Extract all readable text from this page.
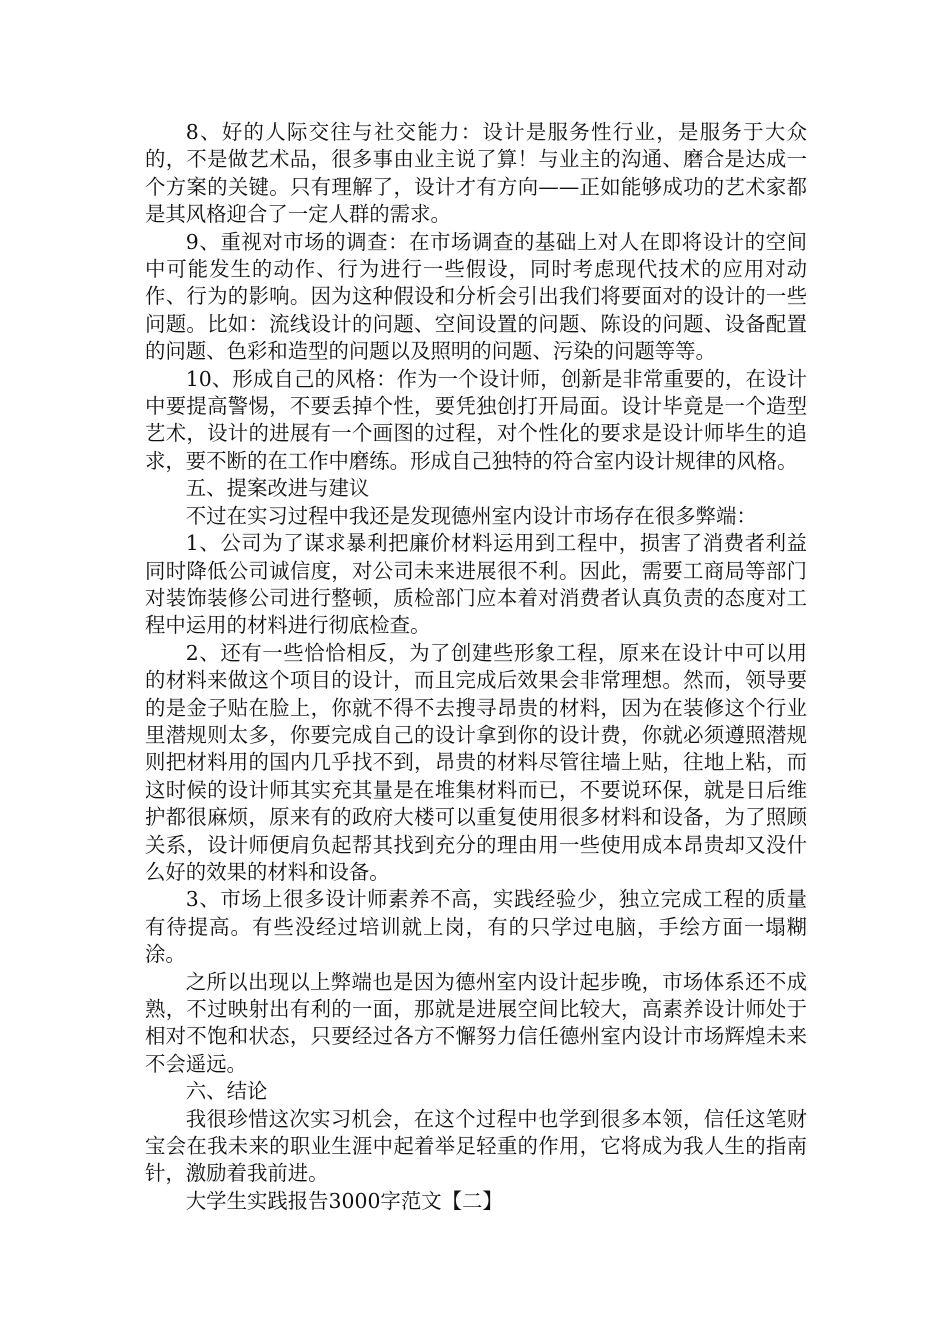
8、好的人际交往与社交能力：设计是服务性行业，是服务于大众的，不是做艺术品，很多事由业主说了算！与业主的沟通、磨合是达成一个方案的关键。只有理解了，设计才有方向——正如能够成功的艺术家都是其风格迎合了一定人群的需求。

9、重视对市场的调查：在市场调查的基础上对人在即将设计的空间中可能发生的动作、行为进行一些假设，同时考虑现代技术的应用对动作、行为的影响。因为这种假设和分析会引出我们将要面对的设计的一些问题。比如：流线设计的问题、空间设置的问题、陈设的问题、设备配置的问题、色彩和造型的问题以及照明的问题、污染的问题等等。

10、形成自己的风格：作为一个设计师，创新是非常重要的，在设计中要提高警惕，不要丢掉个性，要凭独创打开局面。设计毕竟是一个造型艺术，设计的进展有一个画图的过程，对个性化的要求是设计师毕生的追求，要不断的在工作中磨练。形成自己独特的符合室内设计规律的风格。

五、提案改进与建议

不过在实习过程中我还是发现德州室内设计市场存在很多弊端：

1、公司为了谋求暴利把廉价材料运用到工程中，损害了消费者利益同时降低公司诚信度，对公司未来进展很不利。因此，需要工商局等部门对装饰装修公司进行整顿，质检部门应本着对消费者认真负责的态度对工程中运用的材料进行彻底检查。

2、还有一些恰恰相反，为了创建些形象工程，原来在设计中可以用的材料来做这个项目的设计，而且完成后效果会非常理想。然而，领导要的是金子贴在脸上，你就不得不去搜寻昂贵的材料，因为在装修这个行业里潜规则太多，你要完成自己的设计拿到你的设计费，你就必须遵照潜规则把材料用的国内几乎找不到，昂贵的材料尽管往墙上贴，往地上粘，而这时候的设计师其实充其量是在堆集材料而已，不要说环保，就是日后维护都很麻烦，原来有的政府大楼可以重复使用很多材料和设备，为了照顾关系，设计师便肩负起帮其找到充分的理由用一些使用成本昂贵却又没什么好的效果的材料和设备。

3、市场上很多设计师素养不高，实践经验少，独立完成工程的质量有待提高。有些没经过培训就上岗，有的只学过电脑，手绘方面一塌糊涂。

之所以出现以上弊端也是因为德州室内设计起步晚，市场体系还不成熟，不过映射出有利的一面，那就是进展空间比较大，高素养设计师处于相对不饱和状态，只要经过各方不懈努力信任德州室内设计市场辉煌未来不会遥远。

六、结论

我很珍惜这次实习机会，在这个过程中也学到很多本领，信任这笔财宝会在我未来的职业生涯中起着举足轻重的作用，它将成为我人生的指南针，激励着我前进。

大学生实践报告3000字范文【二】
